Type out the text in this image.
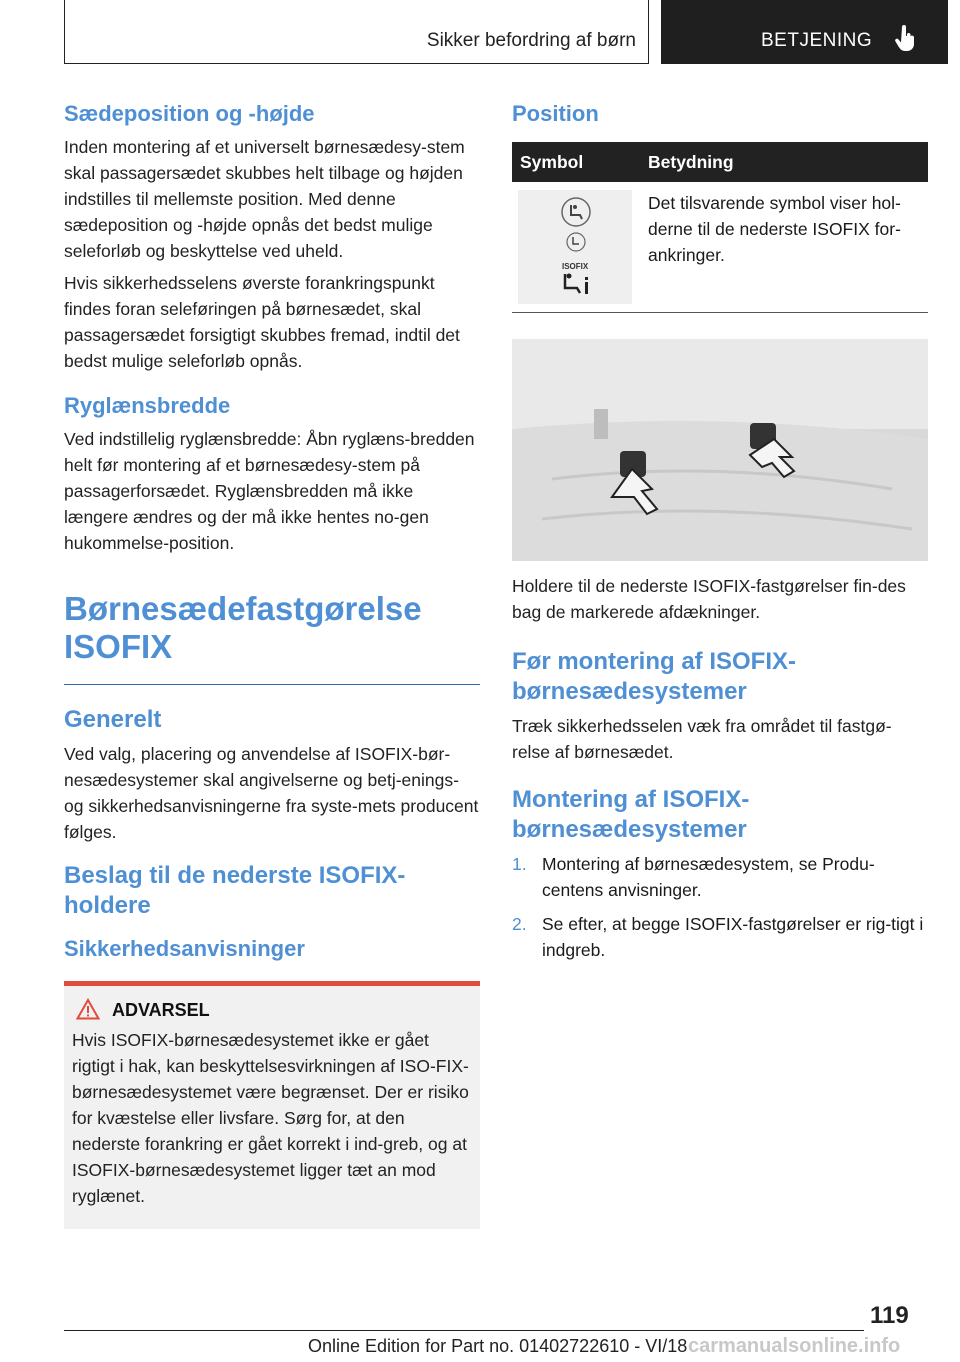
Sikker befordring af børn	BETJENING
Sædeposition og -højde

Inden montering af et universelt børnesædesy-stem skal passagersædet skubbes helt tilbage og højden indstilles til mellemste position. Med denne sædeposition og -højde opnås det bedst mulige seleforløb og beskyttelse ved uheld.

Hvis sikkerhedsselens øverste forankringspunkt findes foran seleføringen på børnesædet, skal passagersædet forsigtigt skubbes fremad, indtil det bedst mulige seleforløb opnås.

Ryglænsbredde

Ved indstillelig ryglænsbredde: Åbn ryglæns-bredden helt før montering af et børnesædesy-stem på passagerforsædet. Ryglænsbredden må ikke længere ændres og der må ikke hentes no-gen hukommelse-position.

Børnesædefastgørelse ISOFIX
Generelt

Ved valg, placering og anvendelse af ISOFIX-bør-nesædesystemer skal angivelserne og betj-enings- og sikkerhedsanvisningerne fra syste-mets producent følges.

Beslag til de nederste ISOFIX-holdere
Sikkerhedsanvisninger
ADVARSEL

Hvis ISOFIX-børnesædesystemet ikke er gået rigtigt i hak, kan beskyttelsesvirkningen af ISO-FIX-børnesædesystemet være begrænset. Der er risiko for kvæstelse eller livsfare. Sørg for, at den nederste forankring er gået korrekt i ind-greb, og at ISOFIX-børnesædesystemet ligger tæt an mod ryglænet.

Position
Symbol	Betydning

ISOFIX	Det tilsvarende symbol viser hol-derne til de nederste ISOFIX for-ankringer.

Holdere til de nederste ISOFIX-fastgørelser fin-des bag de markerede afdækninger.

Før montering af ISOFIX-børnesædesystemer

Træk sikkerhedsselen væk fra området til fastgø-relse af børnesædet.

Montering af ISOFIX-børnesædesystemer
1. Montering af børnesædesystem, se Produ-centens anvisninger.
2. Se efter, at begge ISOFIX-fastgørelser er rig-tigt i indgreb.
119
Online Edition for Part no. 01402722610 - VI/18 carmanualsonline.info
